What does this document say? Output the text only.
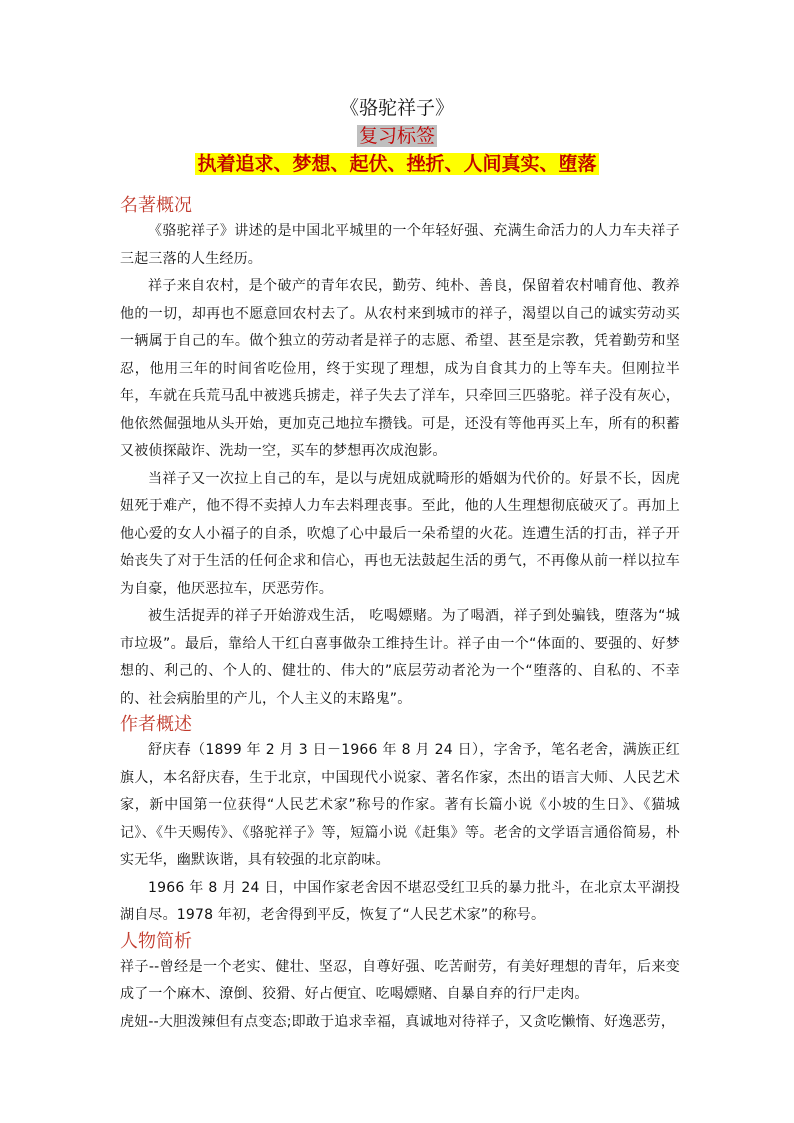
《骆驼祥子》
复习标签
执着追求、梦想、起伏、挫折、人间真实、堕落
名著概况

《骆驼祥子》讲述的是中国北平城里的一个年轻好强、充满生命活力的人力车夫祥子三起三落的人生经历。

祥子来自农村，是个破产的青年农民，勤劳、纯朴、善良，保留着农村哺育他、教养他的一切，却再也不愿意回农村去了。从农村来到城市的祥子，渴望以自己的诚实劳动买一辆属于自己的车。做个独立的劳动者是祥子的志愿、希望、甚至是宗教，凭着勤劳和坚忍，他用三年的时间省吃俭用，终于实现了理想，成为自食其力的上等车夫。但刚拉半年，车就在兵荒马乱中被逃兵掳走，祥子失去了洋车，只牵回三匹骆驼。祥子没有灰心，他依然倔强地从头开始，更加克己地拉车攒钱。可是，还没有等他再买上车，所有的积蓄又被侦探敲诈、洗劫一空，买车的梦想再次成泡影。

当祥子又一次拉上自己的车，是以与虎妞成就畸形的婚姻为代价的。好景不长，因虎妞死于难产，他不得不卖掉人力车去料理丧事。至此，他的人生理想彻底破灭了。再加上他心爱的女人小福子的自杀，吹熄了心中最后一朵希望的火花。连遭生活的打击，祥子开始丧失了对于生活的任何企求和信心，再也无法鼓起生活的勇气，不再像从前一样以拉车为自豪，他厌恶拉车，厌恶劳作。

被生活捉弄的祥子开始游戏生活， 吃喝嫖赌。为了喝酒，祥子到处骗钱，堕落为“城市垃圾”。最后，靠给人干红白喜事做杂工维持生计。祥子由一个“体面的、要强的、好梦想的、利己的、个人的、健壮的、伟大的”底层劳动者沦为一个“堕落的、自私的、不幸的、社会病胎里的产儿，个人主义的末路鬼”。

作者概述

舒庆春（1899 年 2 月 3 日－1966 年 8 月 24 日），字舍予，笔名老舍，满族正红旗人，本名舒庆春，生于北京，中国现代小说家、著名作家，杰出的语言大师、人民艺术家，新中国第一位获得“人民艺术家”称号的作家。著有长篇小说《小坡的生日》、《猫城记》、《牛天赐传》、《骆驼祥子》等，短篇小说《赶集》等。老舍的文学语言通俗简易，朴实无华，幽默诙谐，具有较强的北京韵味。

1966 年 8 月 24 日，中国作家老舍因不堪忍受红卫兵的暴力批斗，在北京太平湖投湖自尽。1978 年初，老舍得到平反，恢复了“人民艺术家”的称号。

人物简析

祥子--曾经是一个老实、健壮、坚忍，自尊好强、吃苦耐劳，有美好理想的青年，后来变成了一个麻木、潦倒、狡猾、好占便宜、吃喝嫖赌、自暴自弃的行尸走肉。

虎妞--大胆泼辣但有点变态;即敢于追求幸福，真诚地对待祥子，又贪吃懒惰、好逸恶劳，
